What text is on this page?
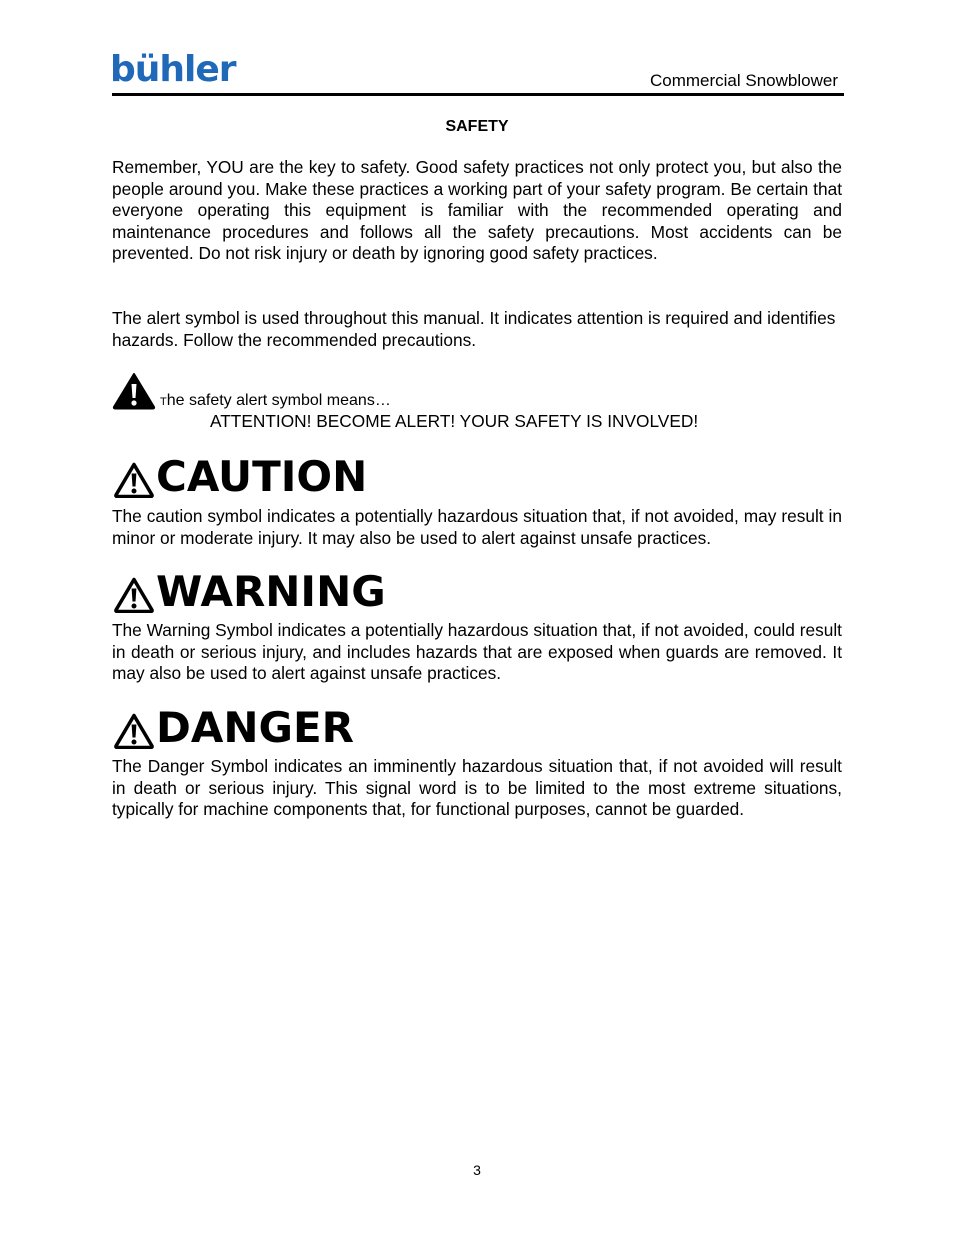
bühler	Commercial Snowblower
SAFETY

Remember, YOU are the key to safety. Good safety practices not only protect you, but also the people around you. Make these practices a working part of your safety program. Be certain that everyone operating this equipment is familiar with the recommended operating and maintenance procedures and follows all the safety precautions. Most accidents can be prevented. Do not risk injury or death by ignoring good safety practices.

The alert symbol is used throughout this manual. It indicates attention is required and identifies hazards. Follow the recommended precautions.

The safety alert symbol means…
ATTENTION! BECOME ALERT! YOUR SAFETY IS INVOLVED!
CAUTION

The caution symbol indicates a potentially hazardous situation that, if not avoided, may result in minor or moderate injury. It may also be used to alert against unsafe practices.

WARNING

The Warning Symbol indicates a potentially hazardous situation that, if not avoided, could result in death or serious injury, and includes hazards that are exposed when guards are removed. It may also be used to alert against unsafe practices.

DANGER

The Danger Symbol indicates an imminently hazardous situation that, if not avoided will result in death or serious injury. This signal word is to be limited to the most extreme situations, typically for machine components that, for functional purposes, cannot be guarded.

3
